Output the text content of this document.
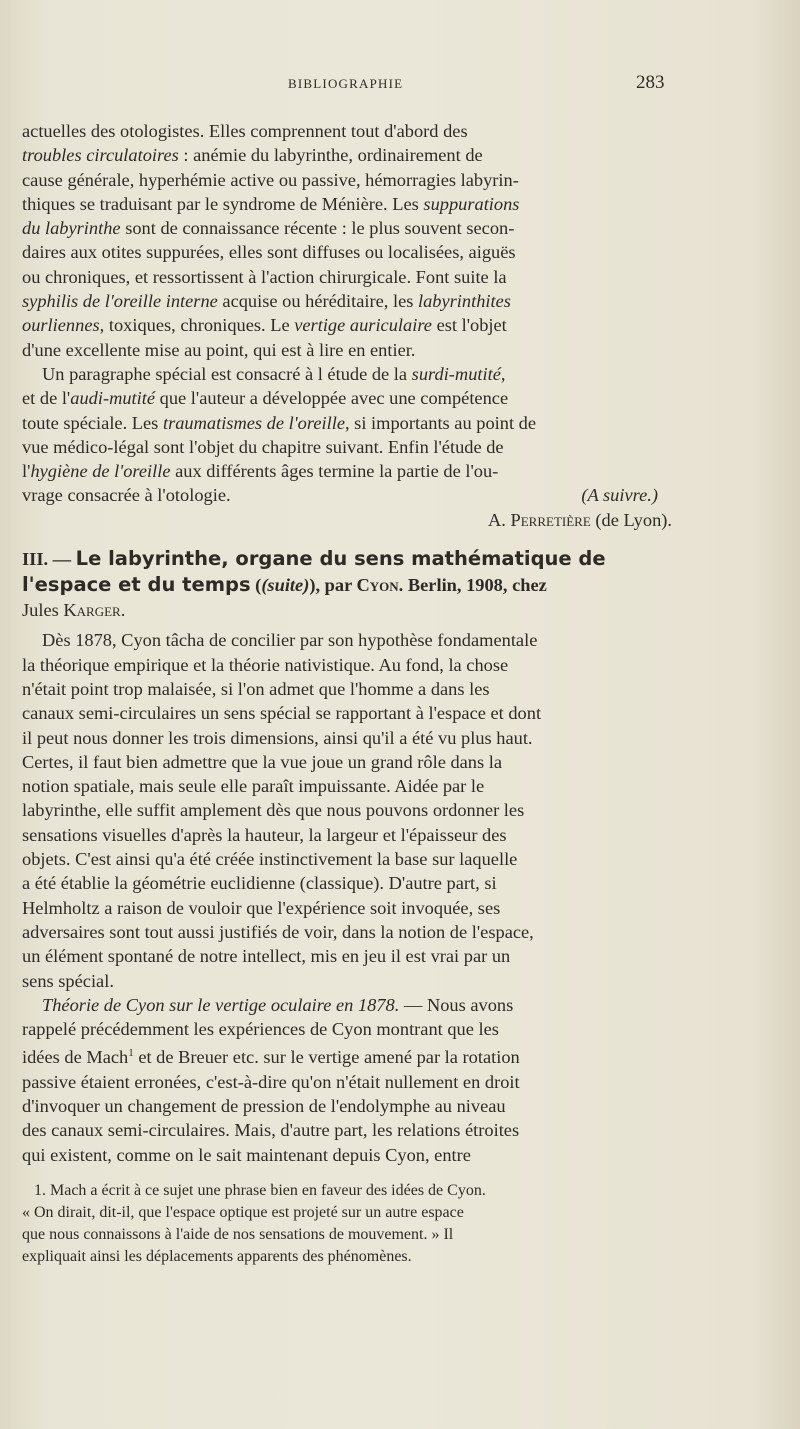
BIBLIOGRAPHIE	283

actuelles des otologistes. Elles comprennent tout d'abord des

troubles circulatoires : anémie du labyrinthe, ordinairement de

cause générale, hyperhémie active ou passive, hémorragies labyrin-

thiques se traduisant par le syndrome de Ménière. Les suppurations

du labyrinthe sont de connaissance récente : le plus souvent secon-

daires aux otites suppurées, elles sont diffuses ou localisées, aiguës

ou chroniques, et ressortissent à l'action chirurgicale. Font suite la

syphilis de l'oreille interne acquise ou héréditaire, les labyrinthites

ourliennes, toxiques, chroniques. Le vertige auriculaire est l'objet

d'une excellente mise au point, qui est à lire en entier.

Un paragraphe spécial est consacré à l étude de la surdi-mutité,

et de l'audi-mutité que l'auteur a développée avec une compétence

toute spéciale. Les traumatismes de l'oreille, si importants au point de

vue médico-légal sont l'objet du chapitre suivant. Enfin l'étude de

l'hygiène de l'oreille aux différents âges termine la partie de l'ou-

vrage consacrée à l'otologie.	(A suivre.)

A. Perretière (de Lyon).

III. — Le labyrinthe, organe du sens mathématique de

l'espace et du temps ((suite)), par Cyon. Berlin, 1908, chez

Jules Karger.

Dès 1878, Cyon tâcha de concilier par son hypothèse fondamentale

la théorique empirique et la théorie nativistique. Au fond, la chose

n'était point trop malaisée, si l'on admet que l'homme a dans les

canaux semi-circulaires un sens spécial se rapportant à l'espace et dont

il peut nous donner les trois dimensions, ainsi qu'il a été vu plus haut.

Certes, il faut bien admettre que la vue joue un grand rôle dans la

notion spatiale, mais seule elle paraît impuissante. Aidée par le

labyrinthe, elle suffit amplement dès que nous pouvons ordonner les

sensations visuelles d'après la hauteur, la largeur et l'épaisseur des

objets. C'est ainsi qu'a été créée instinctivement la base sur laquelle

a été établie la géométrie euclidienne (classique). D'autre part, si

Helmholtz a raison de vouloir que l'expérience soit invoquée, ses

adversaires sont tout aussi justifiés de voir, dans la notion de l'espace,

un élément spontané de notre intellect, mis en jeu il est vrai par un

sens spécial.

Théorie de Cyon sur le vertige oculaire en 1878. — Nous avons

rappelé précédemment les expériences de Cyon montrant que les

idées de Mach$^1$ et de Breuer etc. sur le vertige amené par la rotation

passive étaient erronées, c'est-à-dire qu'on n'était nullement en droit

d'invoquer un changement de pression de l'endolymphe au niveau

des canaux semi-circulaires. Mais, d'autre part, les relations étroites

qui existent, comme on le sait maintenant depuis Cyon, entre

1. Mach a écrit à ce sujet une phrase bien en faveur des idées de Cyon.

« On dirait, dit-il, que l'espace optique est projeté sur un autre espace

que nous connaissons à l'aide de nos sensations de mouvement. » Il

expliquait ainsi les déplacements apparents des phénomènes.
